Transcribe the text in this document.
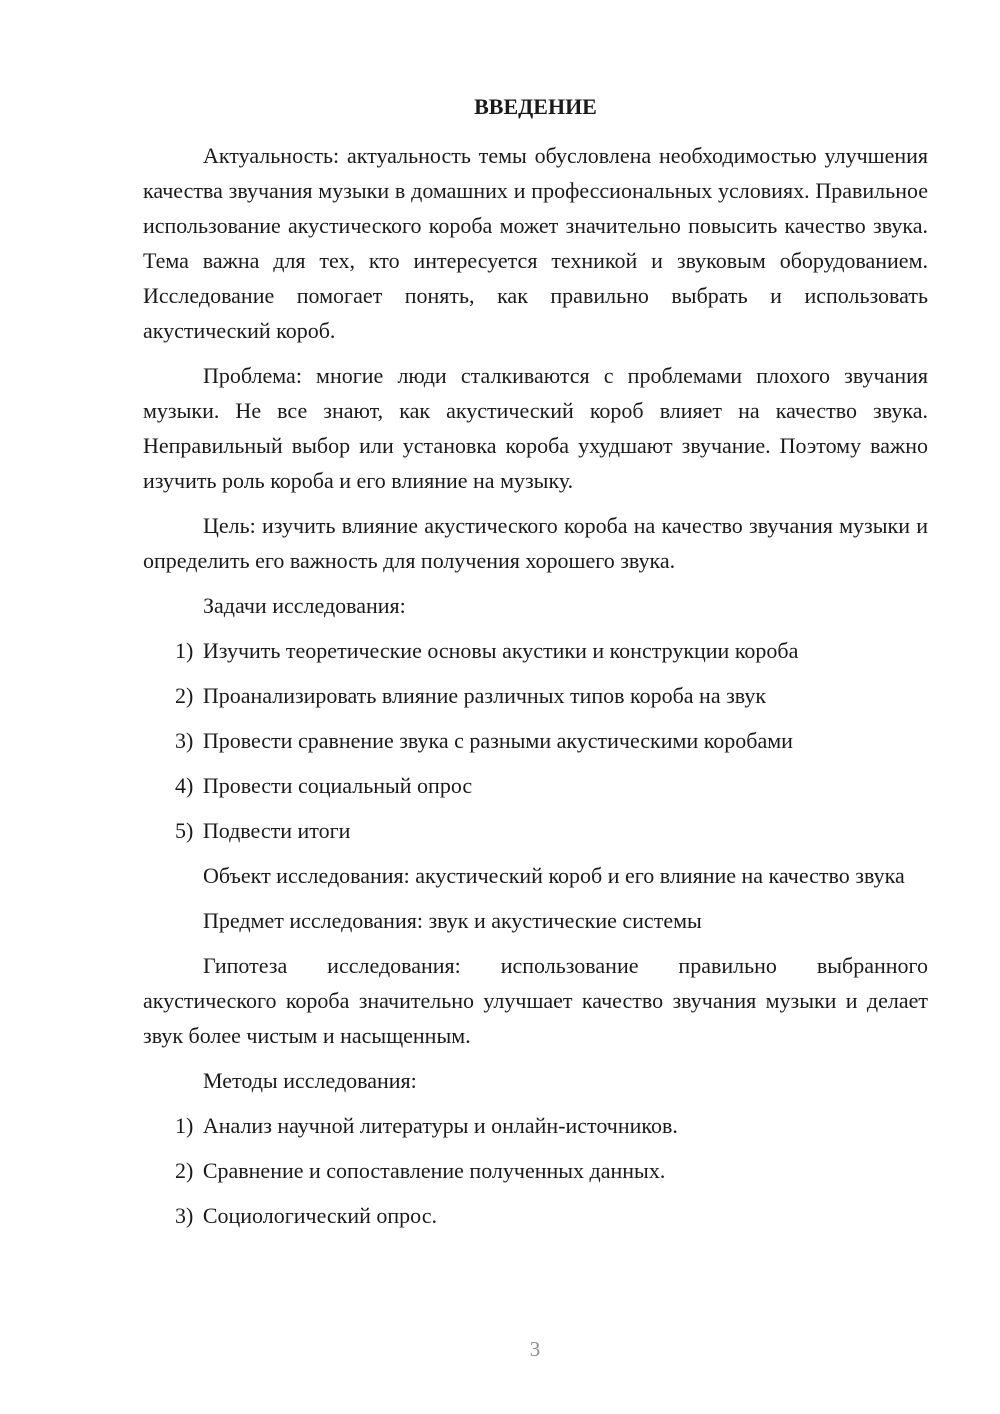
ВВЕДЕНИЕ

Актуальность: актуальность темы обусловлена необходимостью улучшения качества звучания музыки в домашних и профессиональных условиях. Правильное использование акустического короба может значительно повысить качество звука. Тема важна для тех, кто интересуется техникой и звуковым оборудованием. Исследование помогает понять, как правильно выбрать и использовать акустический короб.

Проблема: многие люди сталкиваются с проблемами плохого звучания музыки. Не все знают, как акустический короб влияет на качество звука. Неправильный выбор или установка короба ухудшают звучание. Поэтому важно изучить роль короба и его влияние на музыку.

Цель: изучить влияние акустического короба на качество звучания музыки и определить его важность для получения хорошего звука.

Задачи исследования:

1) Изучить теоретические основы акустики и конструкции короба
2) Проанализировать влияние различных типов короба на звук
3) Провести сравнение звука с разными акустическими коробами
4) Провести социальный опрос
5) Подвести итоги

Объект исследования: акустический короб и его влияние на качество звука

Предмет исследования: звук и акустические системы

Гипотеза исследования: использование правильно выбранного акустического короба значительно улучшает качество звучания музыки и делает звук более чистым и насыщенным.

Методы исследования:

1) Анализ научной литературы и онлайн-источников.
2) Сравнение и сопоставление полученных данных.
3) Социологический опрос.
3
